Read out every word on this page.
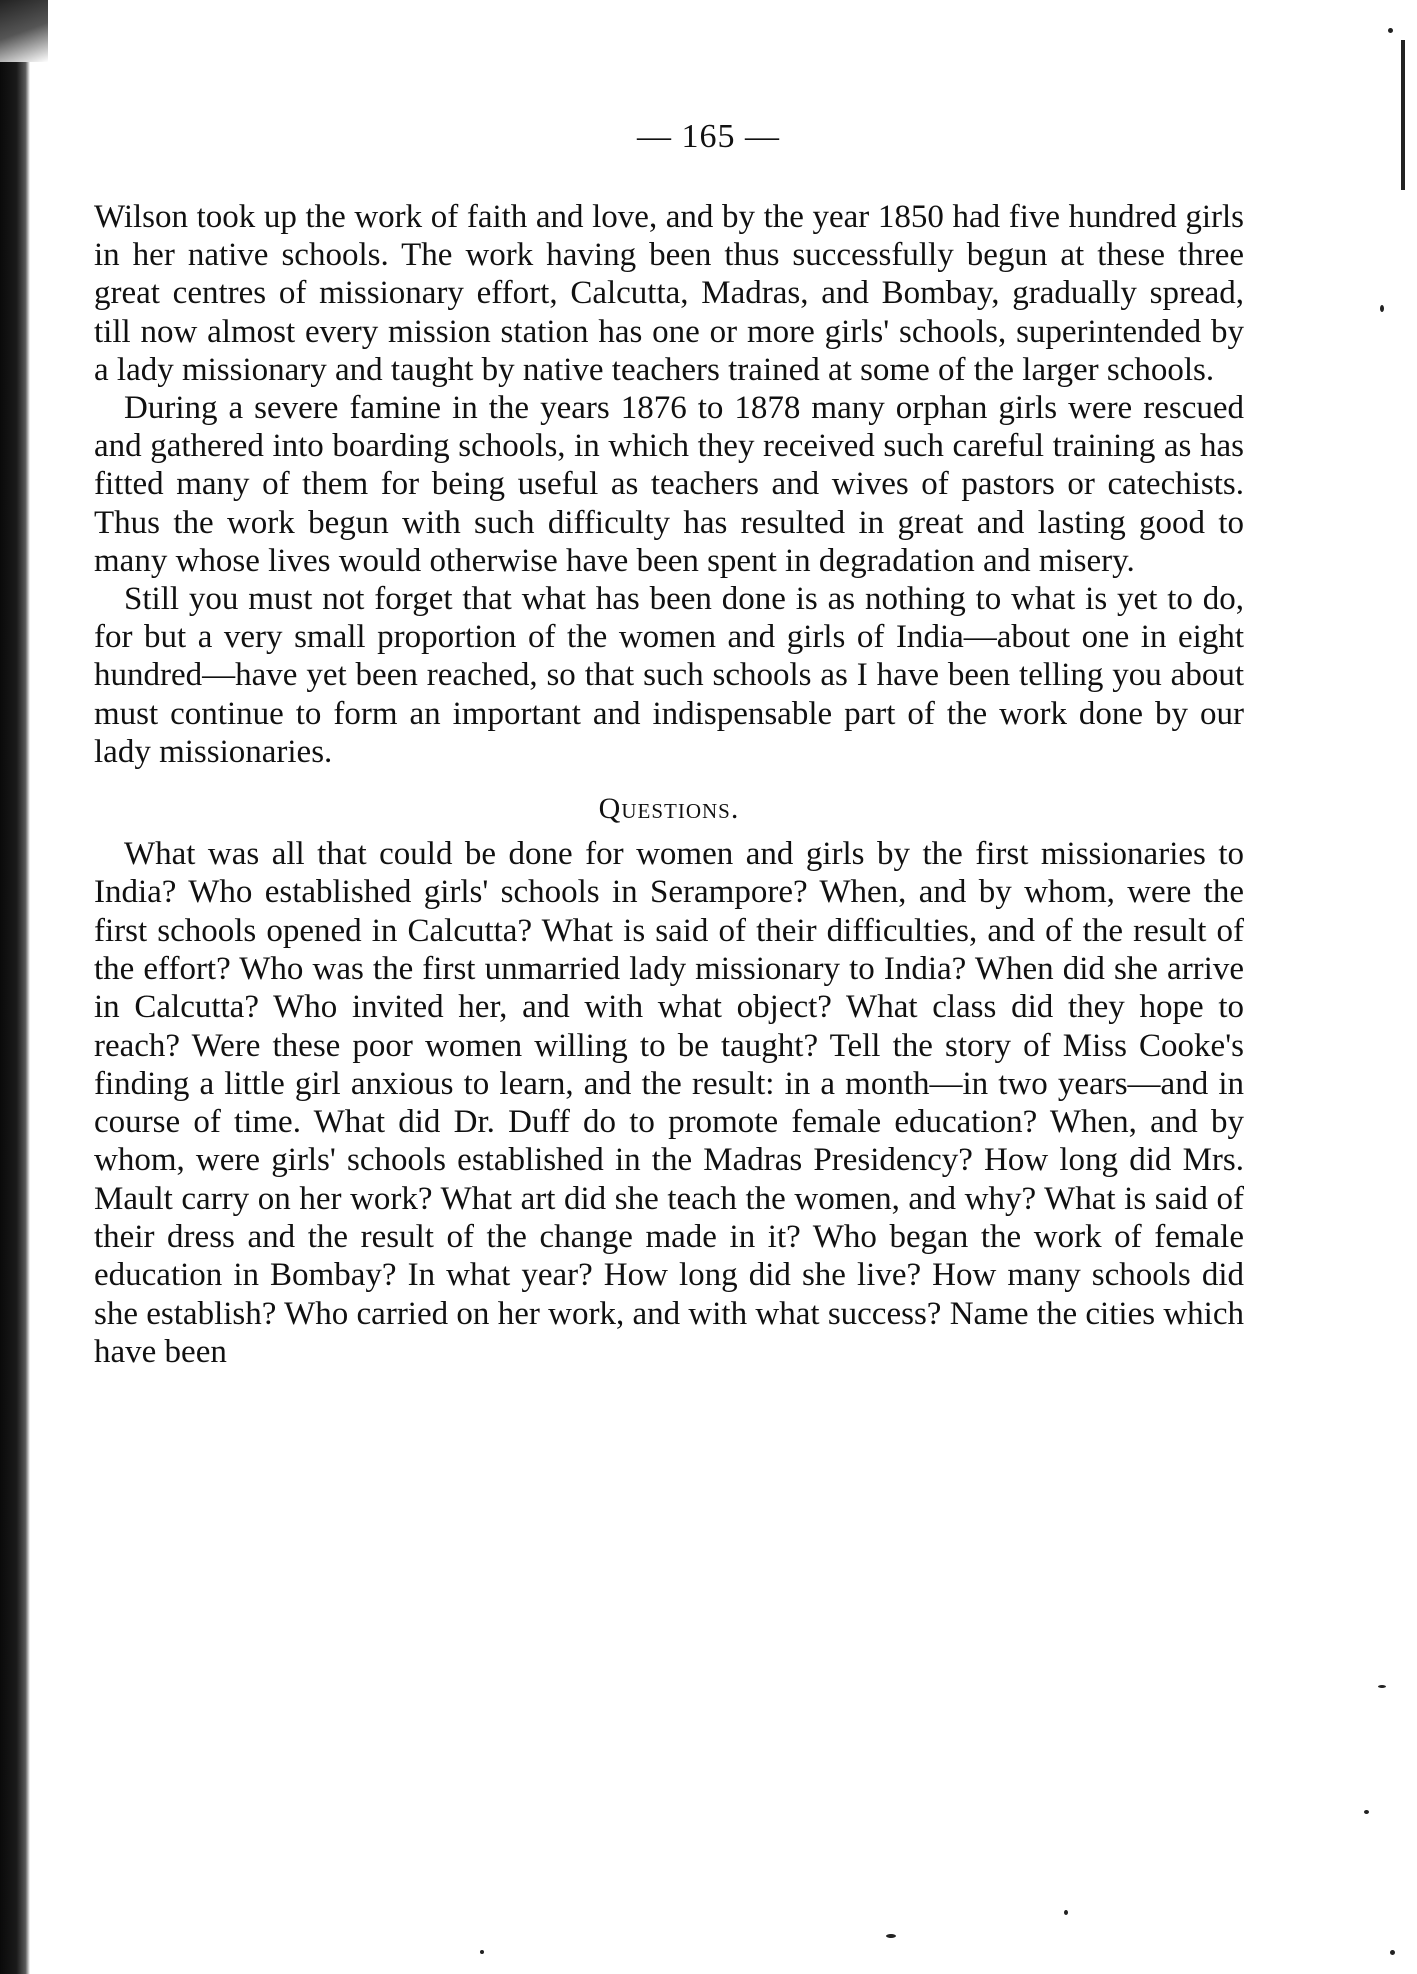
— 165 —

Wilson took up the work of faith and love, and by the year 1850 had five hundred girls in her native schools. The work having been thus successfully begun at these three great centres of missionary effort, Calcutta, Madras, and Bombay, gradually spread, till now almost every mission station has one or more girls' schools, superintended by a lady missionary and taught by native teachers trained at some of the larger schools.

During a severe famine in the years 1876 to 1878 many orphan girls were rescued and gathered into boarding schools, in which they received such careful training as has fitted many of them for being useful as teachers and wives of pastors or catechists. Thus the work begun with such difficulty has resulted in great and lasting good to many whose lives would otherwise have been spent in degradation and misery.

Still you must not forget that what has been done is as nothing to what is yet to do, for but a very small proportion of the women and girls of India—about one in eight hundred—have yet been reached, so that such schools as I have been telling you about must continue to form an important and indispensable part of the work done by our lady missionaries.

Questions.

What was all that could be done for women and girls by the first missionaries to India? Who established girls' schools in Serampore? When, and by whom, were the first schools opened in Calcutta? What is said of their difficulties, and of the result of the effort? Who was the first unmarried lady missionary to India? When did she arrive in Calcutta? Who invited her, and with what object? What class did they hope to reach? Were these poor women willing to be taught? Tell the story of Miss Cooke's finding a little girl anxious to learn, and the result: in a month—in two years—and in course of time. What did Dr. Duff do to promote female education? When, and by whom, were girls' schools established in the Madras Presidency? How long did Mrs. Mault carry on her work? What art did she teach the women, and why? What is said of their dress and the result of the change made in it? Who began the work of female education in Bombay? In what year? How long did she live? How many schools did she establish? Who carried on her work, and with what success? Name the cities which have been
